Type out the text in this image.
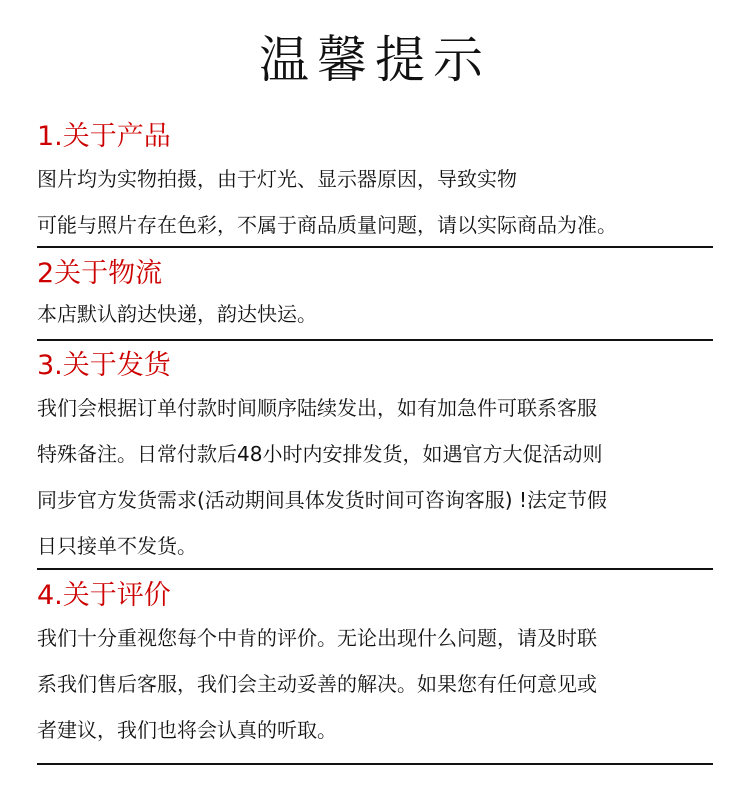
温馨提示
1.关于产品
图片均为实物拍摄，由于灯光、显示器原因，导致实物
可能与照片存在色彩，不属于商品质量问题，请以实际商品为准。
2关于物流
本店默认韵达快递，韵达快运。
3.关于发货
我们会根据订单付款时间顺序陆续发出，如有加急件可联系客服
特殊备注。日常付款后48小时内安排发货，如遇官方大促活动则
同步官方发货需求(活动期间具体发货时间可咨询客服) !法定节假
日只接单不发货。
4.关于评价
我们十分重视您每个中肯的评价。无论出现什么问题，请及时联
系我们售后客服，我们会主动妥善的解决。如果您有任何意见或
者建议，我们也将会认真的听取。
